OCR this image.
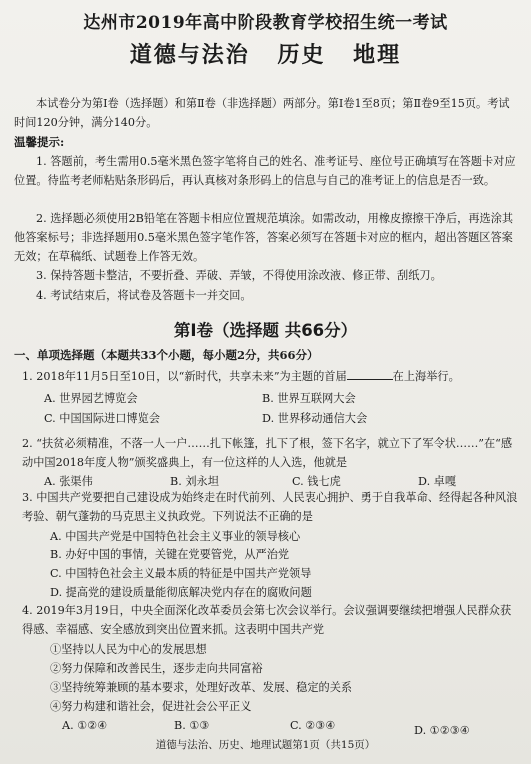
达州市2019年高中阶段教育学校招生统一考试
道德与法治 历史 地理
本试卷分为第Ⅰ卷（选择题）和第Ⅱ卷（非选择题）两部分。第Ⅰ卷1至8页；第Ⅱ卷9至15页。考试时间120分钟，满分140分。
温馨提示:
1. 答题前，考生需用0.5毫米黑色签字笔将自己的姓名、准考证号、座位号正确填写在答题卡对应位置。待监考老师粘贴条形码后，再认真核对条形码上的信息与自己的准考证上的信息是否一致。
2. 选择题必须使用2B铅笔在答题卡相应位置规范填涂。如需改动，用橡皮擦擦干净后，再选涂其他答案标号；非选择题用0.5毫米黑色签字笔作答，答案必须写在答题卡对应的框内，超出答题区答案无效；在草稿纸、试题卷上作答无效。
3. 保持答题卡整洁，不要折叠、弄破、弄皱，不得使用涂改液、修正带、刮纸刀。
4. 考试结束后，将试卷及答题卡一并交回。
第Ⅰ卷（选择题 共66分）
一、单项选择题（本题共33个小题，每小题2分，共66分）
1. 2018年11月5日至10日，以“新时代，共享未来”为主题的首届	在上海举行。
A. 世界园艺博览会	B. 世界互联网大会
C. 中国国际进口博览会	D. 世界移动通信大会
2. “扶贫必须精准，不落一人一户……扎下帐篷，扎下了根，签下名字，就立下了军令状……”在“感动中国2018年度人物”颁奖盛典上，有一位这样的人入选，他就是
A. 张渠伟	B. 刘永坦	C. 钱七虎	D. 卓嘎
3. 中国共产党要把自己建设成为始终走在时代前列、人民衷心拥护、勇于自我革命、经得起各种风浪考验、朝气蓬勃的马克思主义执政党。下列说法不正确的是
A. 中国共产党是中国特色社会主义事业的领导核心
B. 办好中国的事情，关键在党要管党，从严治党
C. 中国特色社会主义最本质的特征是中国共产党领导
D. 提高党的建设质量能彻底解决党内存在的腐败问题
4. 2019年3月19日，中央全面深化改革委员会第七次会议举行。会议强调要继续把增强人民群众获得感、幸福感、安全感放到突出位置来抓。这表明中国共产党
①坚持以人民为中心的发展思想
②努力保障和改善民生，逐步走向共同富裕
③坚持统筹兼顾的基本要求，处理好改革、发展、稳定的关系
④努力构建和谐社会，促进社会公平正义
A. ①②④	B. ①③	C. ②③④	D. ①②③④
道德与法治、历史、地理试题第1页（共15页）
